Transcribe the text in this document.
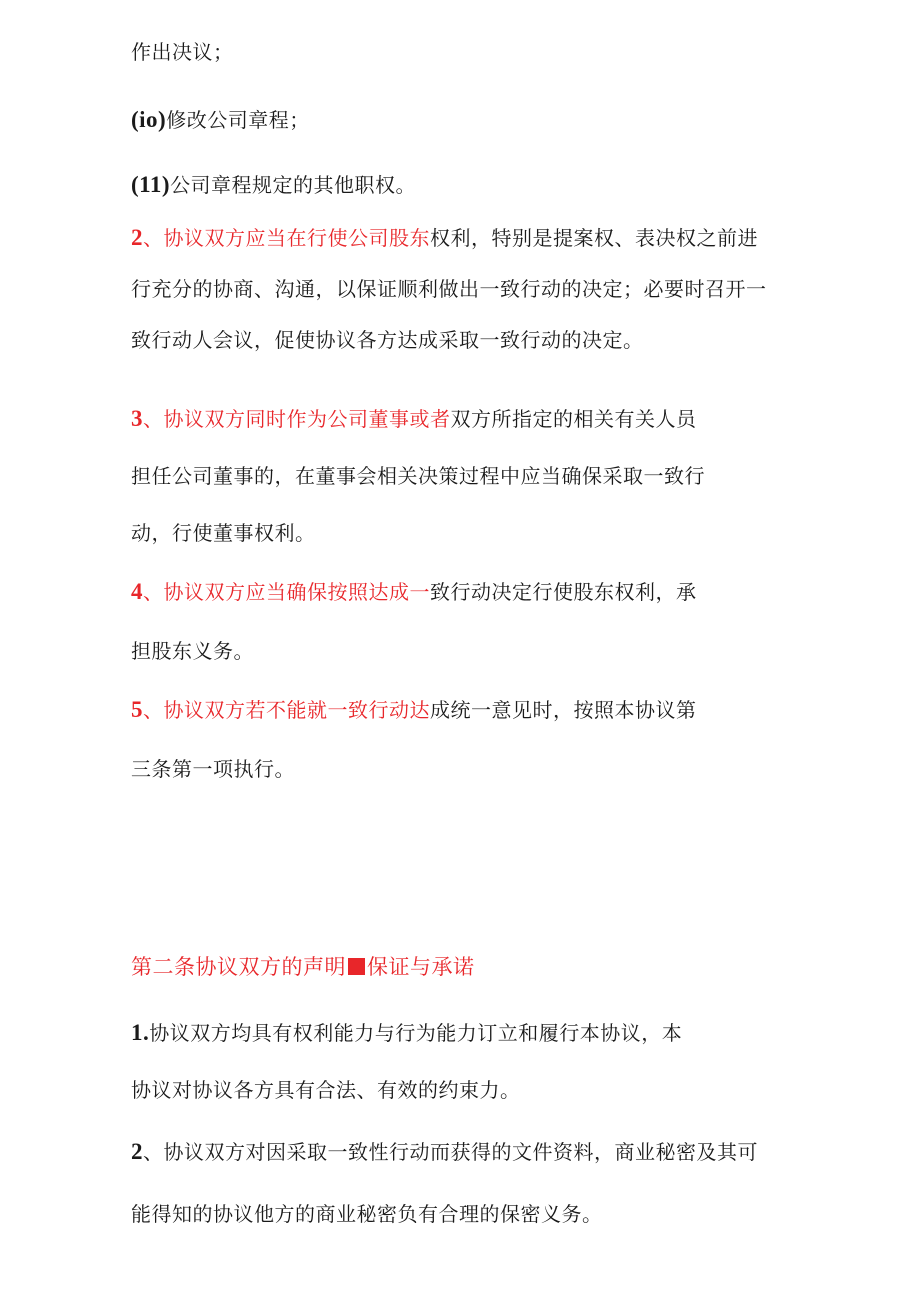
作出决议；
(io)修改公司章程；
(11)公司章程规定的其他职权。
2、协议双方应当在行使公司股东权利，特别是提案权、表决权之前进
行充分的协商、沟通，以保证顺利做出一致行动的决定；必要时召开一
致行动人会议，促使协议各方达成采取一致行动的决定。
3、协议双方同时作为公司董事或者双方所指定的相关有关人员
担任公司董事的，在董事会相关决策过程中应当确保采取一致行
动，行使董事权利。
4、协议双方应当确保按照达成一致行动决定行使股东权利，承
担股东义务。
5、协议双方若不能就一致行动达成统一意见时，按照本协议第
三条第一项执行。
第二条协议双方的声明 保证与承诺
1.协议双方均具有权利能力与行为能力订立和履行本协议，本
协议对协议各方具有合法、有效的约束力。
2、协议双方对因采取一致性行动而获得的文件资料，商业秘密及其可
能得知的协议他方的商业秘密负有合理的保密义务。
